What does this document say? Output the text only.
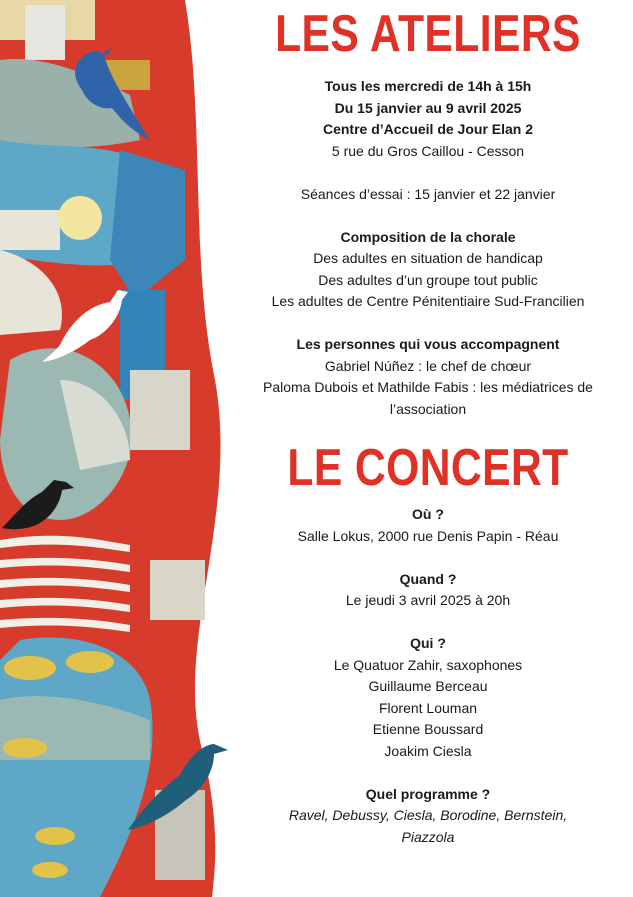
LES ATELIERS
Tous les mercredi de 14h à 15h
Du 15 janvier au 9 avril 2025
Centre d’Accueil de Jour Elan 2
5 rue du Gros Caillou - Cesson
Séances d’essai : 15 janvier et 22 janvier
Composition de la chorale
Des adultes en situation de handicap
Des adultes d’un groupe tout public
Les adultes de Centre Pénitentiaire Sud-Francilien
Les personnes qui vous accompagnent
Gabriel Núñez : le chef de chœur
Paloma Dubois et Mathilde Fabis : les médiatrices de l’association
LE CONCERT
Où ?
Salle Lokus, 2000 rue Denis Papin - Réau
Quand ?
Le jeudi 3 avril 2025 à 20h
Qui ?
Le Quatuor Zahir, saxophones
Guillaume Berceau
Florent Louman
Etienne Boussard
Joakim Ciesla
Quel programme ?
Ravel, Debussy, Ciesla, Borodine, Bernstein, Piazzola
